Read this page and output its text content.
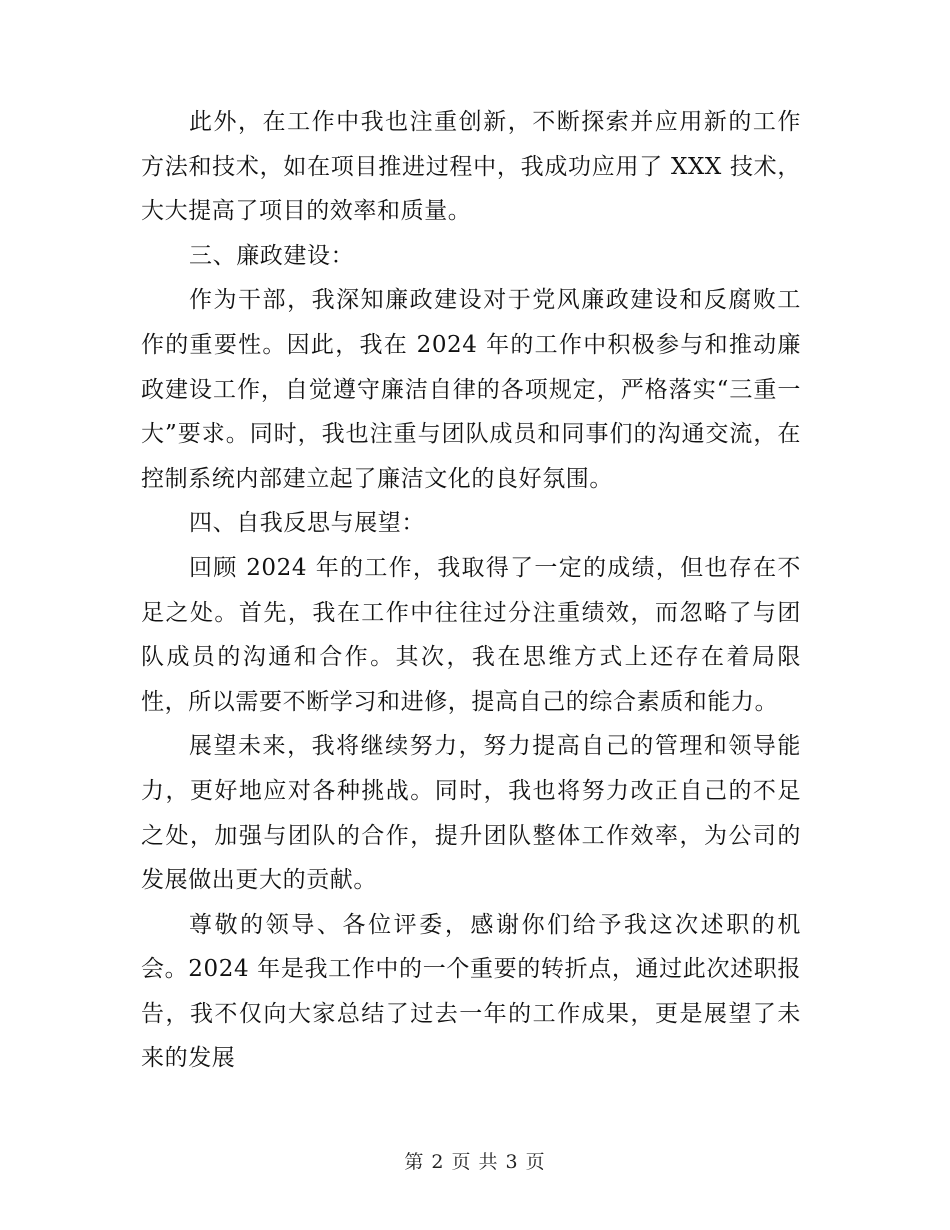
此外，在工作中我也注重创新，不断探索并应用新的工作方法和技术，如在项目推进过程中，我成功应用了 XXX 技术，大大提高了项目的效率和质量。

三、廉政建设：

作为干部，我深知廉政建设对于党风廉政建设和反腐败工作的重要性。因此，我在 2024 年的工作中积极参与和推动廉政建设工作，自觉遵守廉洁自律的各项规定，严格落实“三重一大”要求。同时，我也注重与团队成员和同事们的沟通交流，在控制系统内部建立起了廉洁文化的良好氛围。

四、自我反思与展望：

回顾 2024 年的工作，我取得了一定的成绩，但也存在不足之处。首先，我在工作中往往过分注重绩效，而忽略了与团队成员的沟通和合作。其次，我在思维方式上还存在着局限性，所以需要不断学习和进修，提高自己的综合素质和能力。

展望未来，我将继续努力，努力提高自己的管理和领导能力，更好地应对各种挑战。同时，我也将努力改正自己的不足之处，加强与团队的合作，提升团队整体工作效率，为公司的发展做出更大的贡献。

尊敬的领导、各位评委，感谢你们给予我这次述职的机会。2024 年是我工作中的一个重要的转折点，通过此次述职报告，我不仅向大家总结了过去一年的工作成果，更是展望了未来的发展

第 2 页 共 3 页
